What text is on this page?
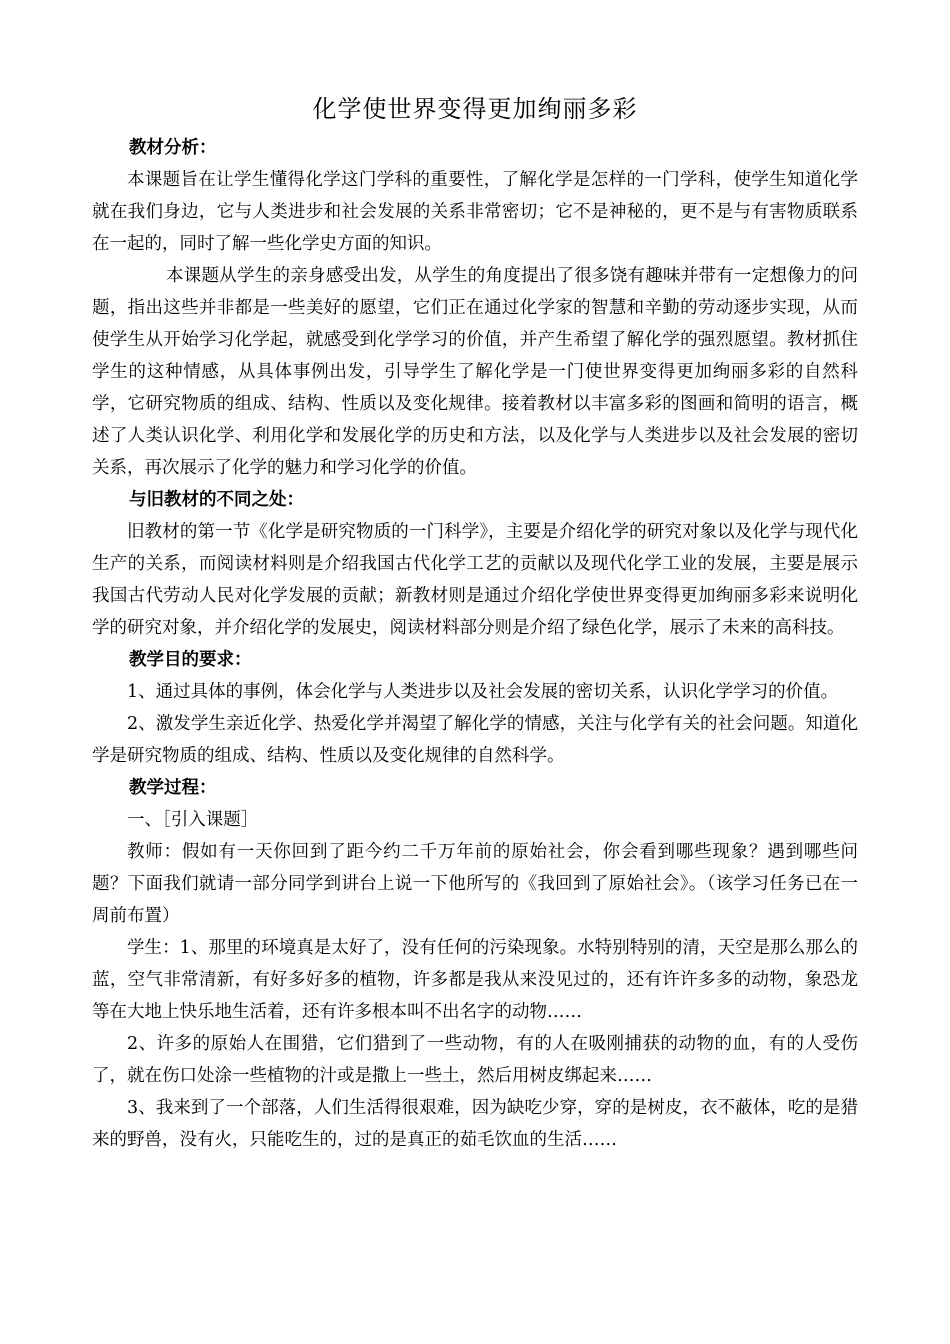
化学使世界变得更加绚丽多彩

教材分析：

本课题旨在让学生懂得化学这门学科的重要性，了解化学是怎样的一门学科，使学生知道化学就在我们身边，它与人类进步和社会发展的关系非常密切；它不是神秘的，更不是与有害物质联系在一起的，同时了解一些化学史方面的知识。

本课题从学生的亲身感受出发，从学生的角度提出了很多饶有趣味并带有一定想像力的问题，指出这些并非都是一些美好的愿望，它们正在通过化学家的智慧和辛勤的劳动逐步实现，从而使学生从开始学习化学起，就感受到化学学习的价值，并产生希望了解化学的强烈愿望。教材抓住学生的这种情感，从具体事例出发，引导学生了解化学是一门使世界变得更加绚丽多彩的自然科学，它研究物质的组成、结构、性质以及变化规律。接着教材以丰富多彩的图画和简明的语言，概述了人类认识化学、利用化学和发展化学的历史和方法，以及化学与人类进步以及社会发展的密切关系，再次展示了化学的魅力和学习化学的价值。

与旧教材的不同之处：

旧教材的第一节《化学是研究物质的一门科学》，主要是介绍化学的研究对象以及化学与现代化生产的关系，而阅读材料则是介绍我国古代化学工艺的贡献以及现代化学工业的发展，主要是展示我国古代劳动人民对化学发展的贡献；新教材则是通过介绍化学使世界变得更加绚丽多彩来说明化学的研究对象，并介绍化学的发展史，阅读材料部分则是介绍了绿色化学，展示了未来的高科技。

教学目的要求：

1、通过具体的事例，体会化学与人类进步以及社会发展的密切关系，认识化学学习的价值。

2、激发学生亲近化学、热爱化学并渴望了解化学的情感，关注与化学有关的社会问题。知道化学是研究物质的组成、结构、性质以及变化规律的自然科学。

教学过程：

一、［引入课题］

教师：假如有一天你回到了距今约二千万年前的原始社会，你会看到哪些现象？遇到哪些问题？下面我们就请一部分同学到讲台上说一下他所写的《我回到了原始社会》。（该学习任务已在一周前布置）

学生：1、那里的环境真是太好了，没有任何的污染现象。水特别特别的清，天空是那么那么的蓝，空气非常清新，有好多好多的植物，许多都是我从来没见过的，还有许许多多的动物，象恐龙等在大地上快乐地生活着，还有许多根本叫不出名字的动物……

2、许多的原始人在围猎，它们猎到了一些动物，有的人在吸刚捕获的动物的血，有的人受伤了，就在伤口处涂一些植物的汁或是撒上一些土，然后用树皮绑起来……

3、我来到了一个部落，人们生活得很艰难，因为缺吃少穿，穿的是树皮，衣不蔽体，吃的是猎来的野兽，没有火，只能吃生的，过的是真正的茹毛饮血的生活……
